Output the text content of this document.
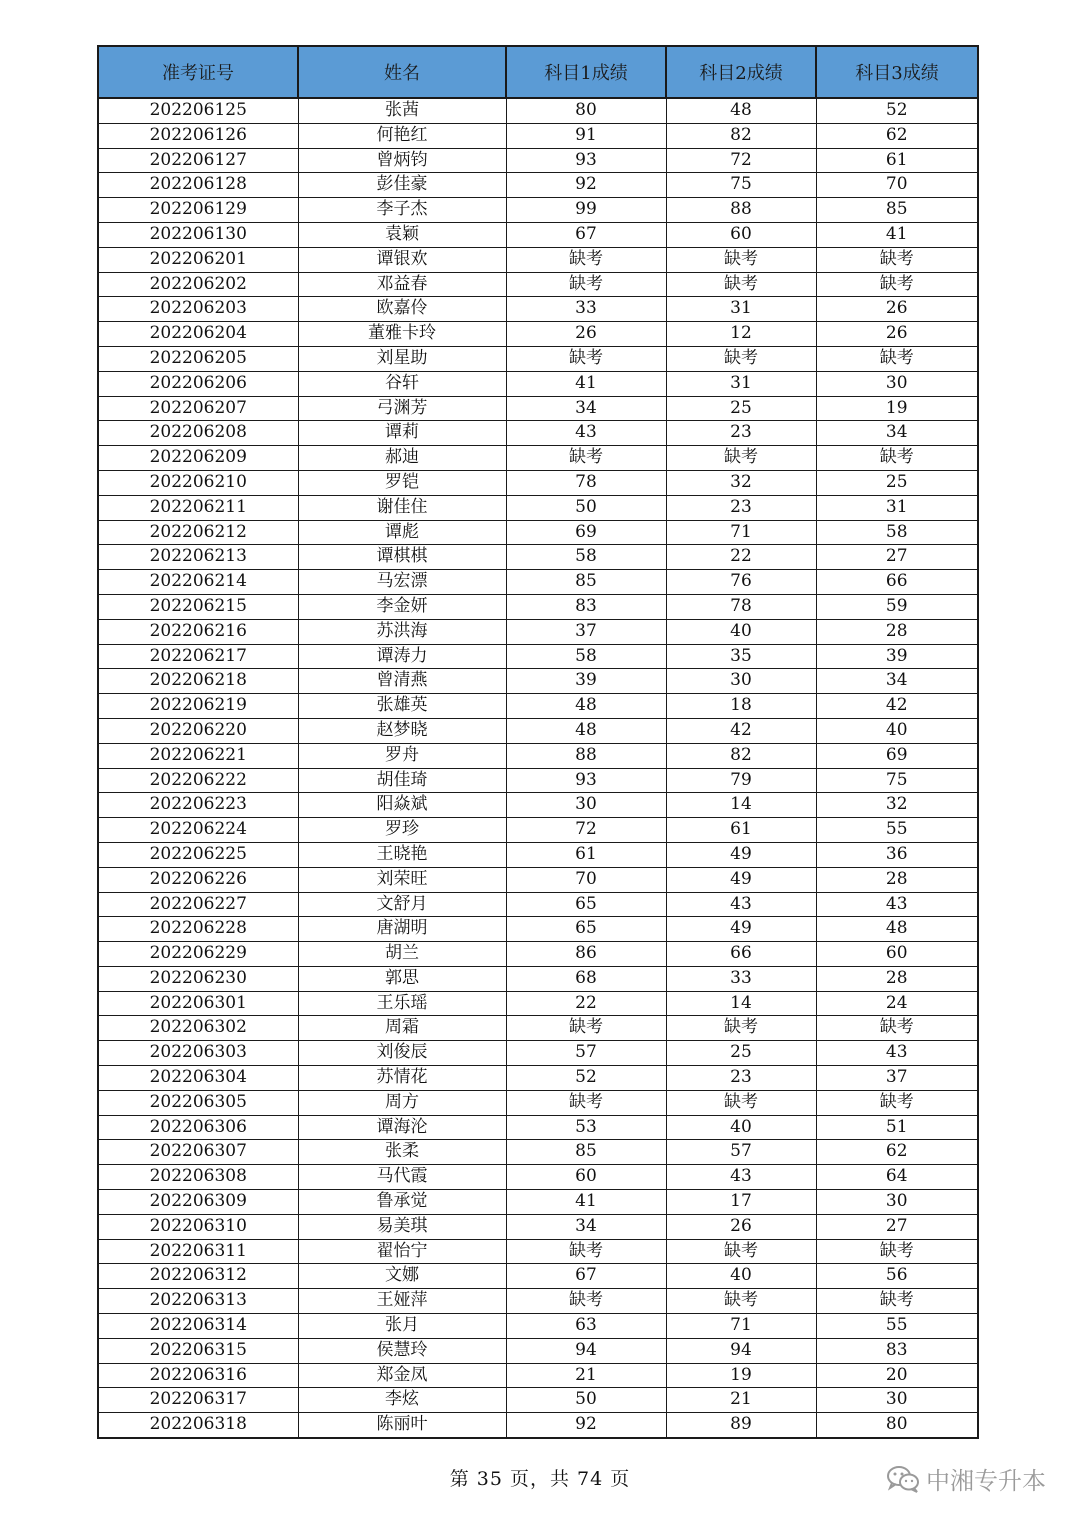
准考证号	姓名	科目1成绩	科目2成绩	科目3成绩
202206125	张茜	80	48	52
202206126	何艳红	91	82	62
202206127	曾炳钧	93	72	61
202206128	彭佳豪	92	75	70
202206129	李子杰	99	88	85
202206130	袁颖	67	60	41
202206201	谭银欢	缺考	缺考	缺考
202206202	邓益春	缺考	缺考	缺考
202206203	欧嘉伶	33	31	26
202206204	董雅卡玲	26	12	26
202206205	刘星助	缺考	缺考	缺考
202206206	谷轩	41	31	30
202206207	弓渊芳	34	25	19
202206208	谭莉	43	23	34
202206209	郝迪	缺考	缺考	缺考
202206210	罗铠	78	32	25
202206211	谢佳住	50	23	31
202206212	谭彪	69	71	58
202206213	谭棋棋	58	22	27
202206214	马宏漂	85	76	66
202206215	李金妍	83	78	59
202206216	苏洪海	37	40	28
202206217	谭涛力	58	35	39
202206218	曾清燕	39	30	34
202206219	张雄英	48	18	42
202206220	赵梦晓	48	42	40
202206221	罗舟	88	82	69
202206222	胡佳琦	93	79	75
202206223	阳焱斌	30	14	32
202206224	罗珍	72	61	55
202206225	王晓艳	61	49	36
202206226	刘荣旺	70	49	28
202206227	文舒月	65	43	43
202206228	唐湖明	65	49	48
202206229	胡兰	86	66	60
202206230	郭思	68	33	28
202206301	王乐瑶	22	14	24
202206302	周霜	缺考	缺考	缺考
202206303	刘俊辰	57	25	43
202206304	苏情花	52	23	37
202206305	周方	缺考	缺考	缺考
202206306	谭海沦	53	40	51
202206307	张柔	85	57	62
202206308	马代霞	60	43	64
202206309	鲁承觉	41	17	30
202206310	易美琪	34	26	27
202206311	翟怡宁	缺考	缺考	缺考
202206312	文娜	67	40	56
202206313	王娅萍	缺考	缺考	缺考
202206314	张月	63	71	55
202206315	侯慧玲	94	94	83
202206316	郑金凤	21	19	20
202206317	李炫	50	21	30
202206318	陈丽叶	92	89	80
第 35 页，共 74 页	中湘专升本
